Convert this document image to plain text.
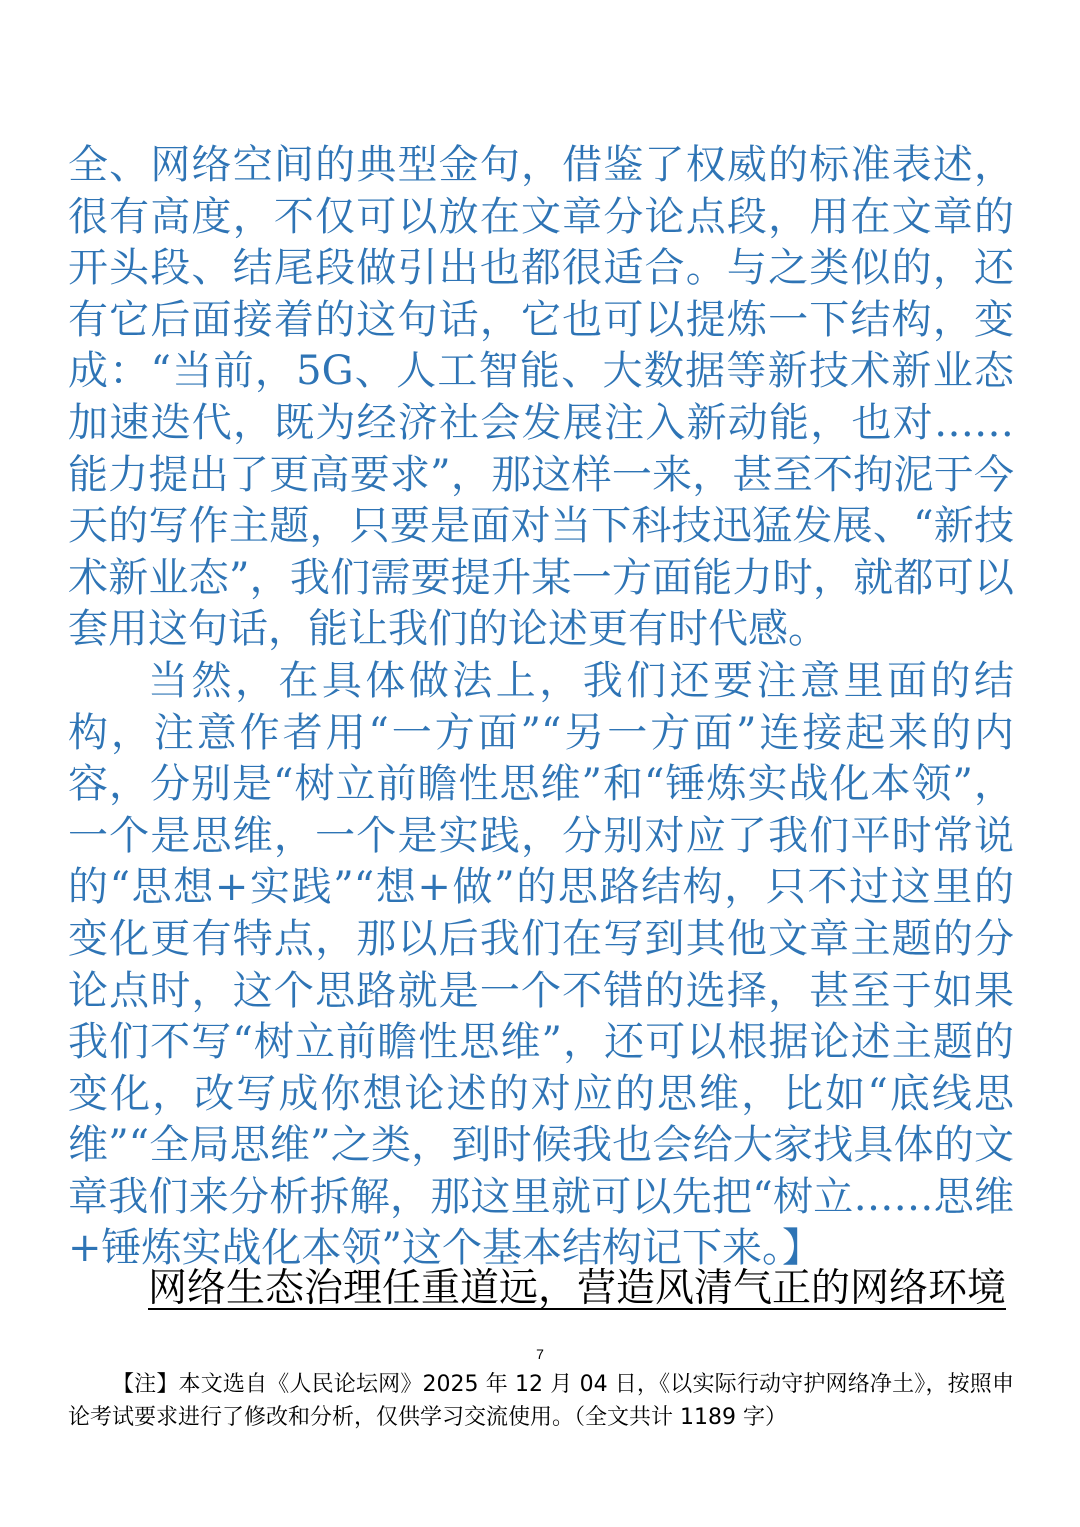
全、网络空间的典型金句，借鉴了权威的标准表述，很有高度，不仅可以放在文章分论点段，用在文章的开头段、结尾段做引出也都很适合。与之类似的，还有它后面接着的这句话，它也可以提炼一下结构，变成：“当前，5G、人工智能、大数据等新技术新业态加速迭代，既为经济社会发展注入新动能，也对……能力提出了更高要求”，那这样一来，甚至不拘泥于今天的写作主题，只要是面对当下科技迅猛发展、“新技术新业态”，我们需要提升某一方面能力时，就都可以套用这句话，能让我们的论述更有时代感。

当然，在具体做法上，我们还要注意里面的结构，注意作者用“一方面”“另一方面”连接起来的内容，分别是“树立前瞻性思维”和“锤炼实战化本领”，一个是思维，一个是实践，分别对应了我们平时常说的“思想+实践”“想+做”的思路结构，只不过这里的变化更有特点，那以后我们在写到其他文章主题的分论点时，这个思路就是一个不错的选择，甚至于如果我们不写“树立前瞻性思维”，还可以根据论述主题的变化，改写成你想论述的对应的思维，比如“底线思维”“全局思维”之类，到时候我也会给大家找具体的文章我们来分析拆解，那这里就可以先把“树立……思维+锤炼实战化本领”这个基本结构记下来。】

网络生态治理任重道远，营造风清气正的网络环境
7
【注】本文选自《人民论坛网》2025 年 12 月 04 日，《以实际行动守护网络净土》，按照申论考试要求进行了修改和分析，仅供学习交流使用。（全文共计 1189 字）
